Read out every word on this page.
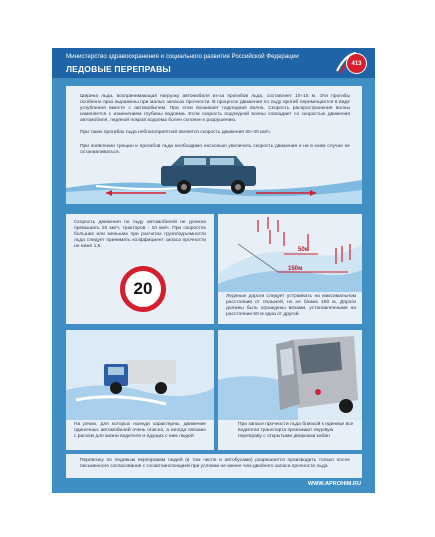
Министерство здравоохранения и социального развития Российской Федерации
ЛЕДОВЫЕ ПЕРЕПРАВЫ
413
Ширина льда, воспринимающая нагрузку автомобиля из-за прогибов льда, составляет 10÷15 м. Эти прогибы особенно ярко выражены при малых запасах прочности. В процессе движения по льду прогиб перемещается в виде углубления вместе с автомобилем. При этом возникает подледная волна. Скорость распространения волны изменяется с изменением глубины водоема. Если скорость подледной волны совпадает со скоростью движения автомобиля, ледяной покров водоема более склонен к разрушению.
При таких прогибах льда неблагоприятной является скорость движения 30÷40 км/ч.
При появлении трещин и прогибов льда необходимо несколько увеличить скорость движения и ни в коем случае не останавливаться.
Скорость движения по льду автомобилей не должна превышать 20 км/ч, тракторов - 10 км/ч. При скоростях больших или меньших при расчетах грузоподъемности льда следует принимать коэффициент запаса прочности не ниже 1,5.
20
50м
150м
Ледяные дороги следует устраивать на максимальном расстоянии от полыней, но не ближе 150 м. Дороги должны быть ограждены вехами, установленными на расстоянии 50 м одна от другой.
На реках, для которых наледи характерны, движение одиночных автомобилей очень опасно, а иногда связано с риском для жизни водителя и едущих с ним людей
При запасе прочности льда близкой к единице все водители транспорта проезжают ледовую переправу с открытыми дверками кабин
Перевозку по ледовым переправам людей (в том числе и автобусами) разрешается производить только после письменного согласования с госавтоинспекцией при условии не менее чем двойного запаса прочности льда
WWW.APROHIM.RU
